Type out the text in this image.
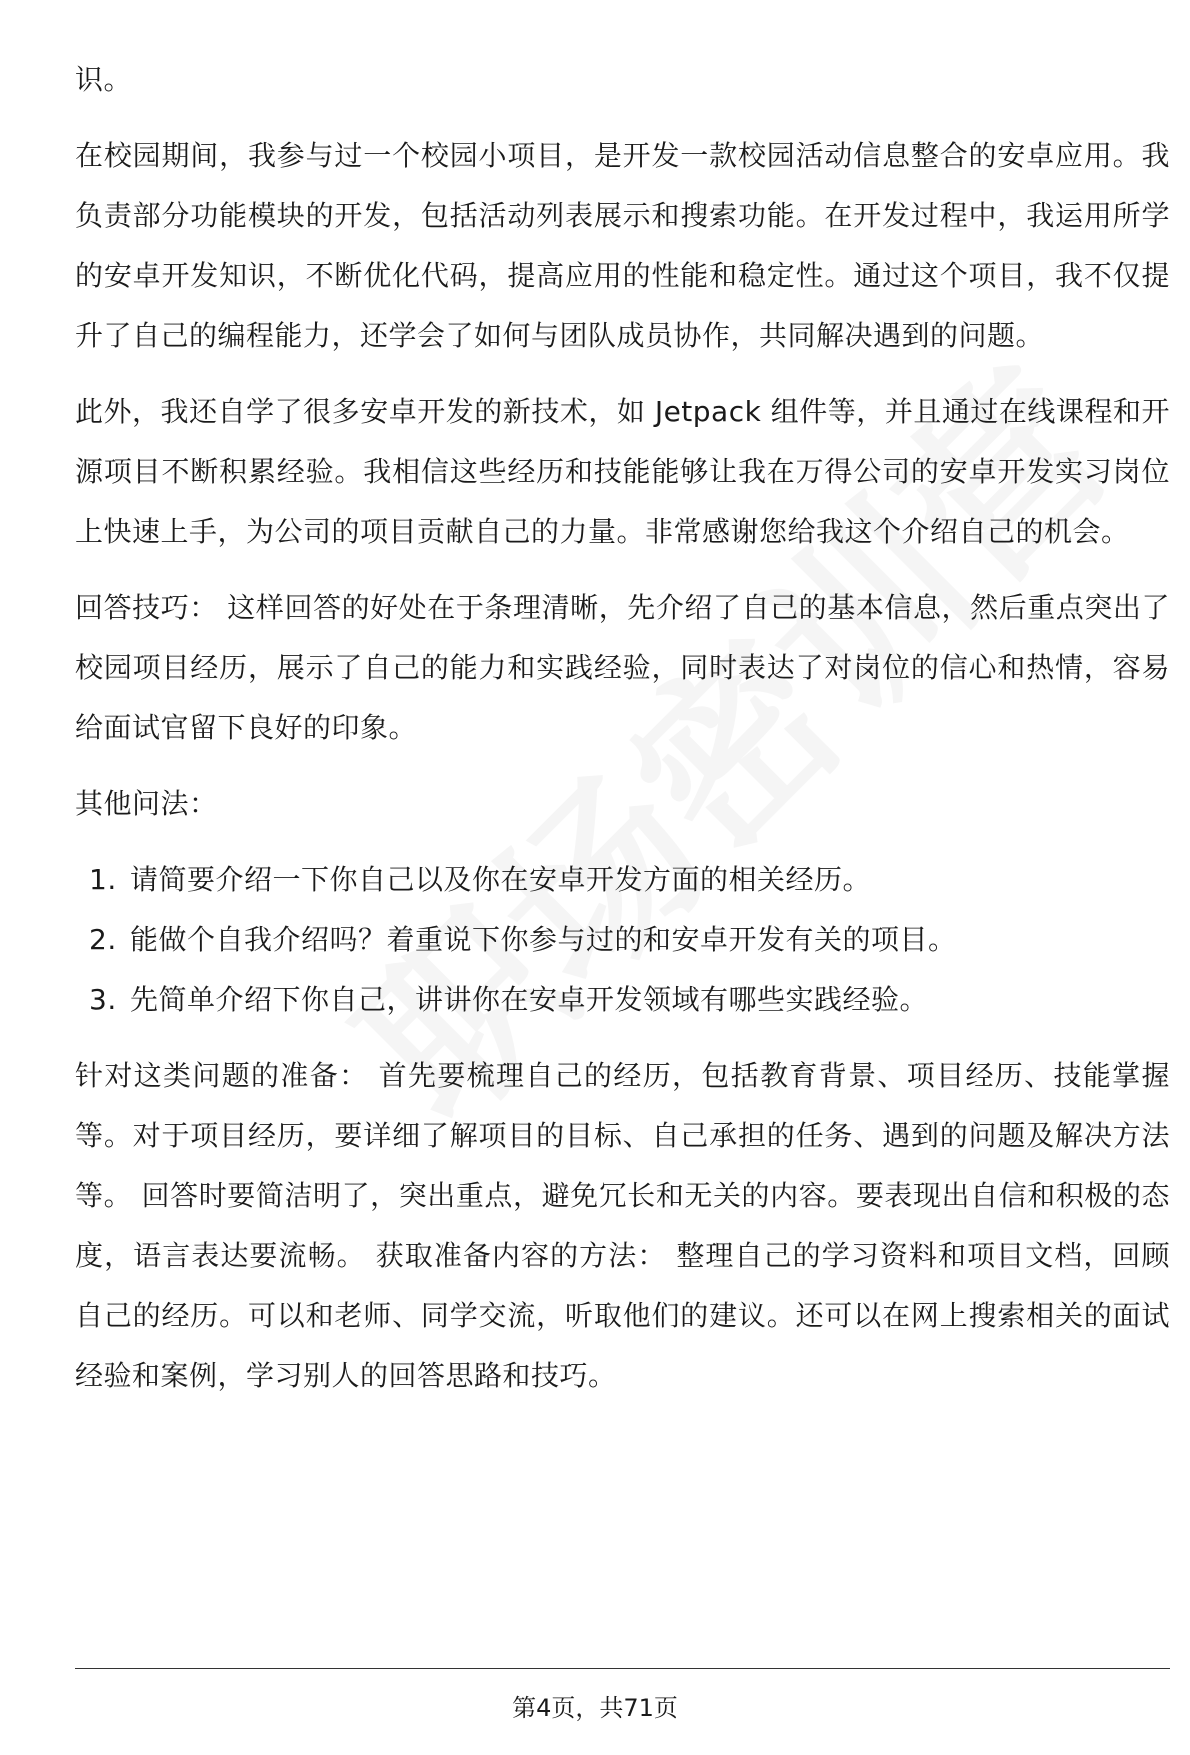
识。

在校园期间，我参与过一个校园小项目，是开发一款校园活动信息整合的安卓应用。我负责部分功能模块的开发，包括活动列表展示和搜索功能。在开发过程中，我运用所学的安卓开发知识，不断优化代码，提高应用的性能和稳定性。通过这个项目，我不仅提升了自己的编程能力，还学会了如何与团队成员协作，共同解决遇到的问题。

此外，我还自学了很多安卓开发的新技术，如 Jetpack 组件等，并且通过在线课程和开源项目不断积累经验。我相信这些经历和技能能够让我在万得公司的安卓开发实习岗位上快速上手，为公司的项目贡献自己的力量。非常感谢您给我这个介绍自己的机会。

回答技巧： 这样回答的好处在于条理清晰，先介绍了自己的基本信息，然后重点突出了校园项目经历，展示了自己的能力和实践经验，同时表达了对岗位的信心和热情，容易给面试官留下良好的印象。

其他问法：

1. 请简要介绍一下你自己以及你在安卓开发方面的相关经历。
2. 能做个自我介绍吗？着重说下你参与过的和安卓开发有关的项目。
3. 先简单介绍下你自己，讲讲你在安卓开发领域有哪些实践经验。

针对这类问题的准备： 首先要梳理自己的经历，包括教育背景、项目经历、技能掌握等。对于项目经历，要详细了解项目的目标、自己承担的任务、遇到的问题及解决方法等。 回答时要简洁明了，突出重点，避免冗长和无关的内容。要表现出自信和积极的态度，语言表达要流畅。 获取准备内容的方法： 整理自己的学习资料和项目文档，回顾自己的经历。可以和老师、同学交流，听取他们的建议。还可以在网上搜索相关的面试经验和案例，学习别人的回答思路和技巧。

第4页，共71页
